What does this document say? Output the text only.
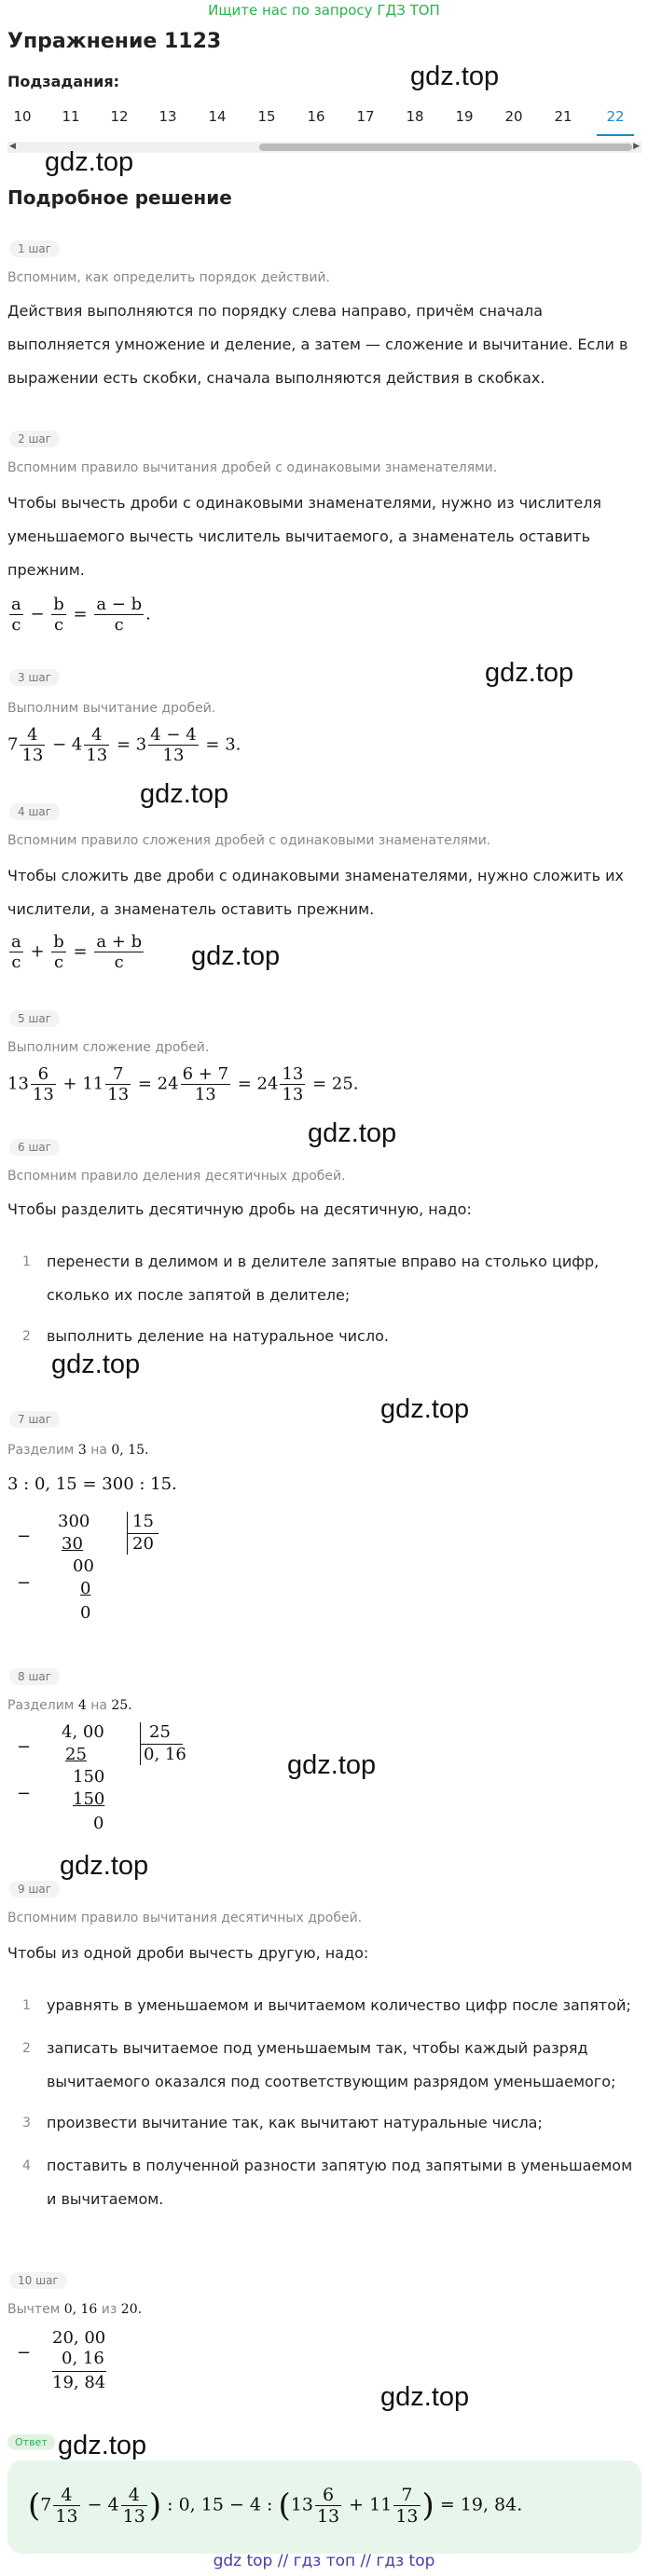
Ищите нас по запросу ГДЗ ТОП
Упражнение 1123
Подзадания:	gdz.top
10	11	12	13	14	15	16	17	18	19	20	21	22
◀	▶
gdz.top
Подробное решение
1 шаг
Вспомним, как определить порядок действий.
Действия выполняются по порядку слева направо, причём сначала
выполняется умножение и деление, а затем — сложение и вычитание. Если в
выражении есть скобки, сначала выполняются действия в скобках.
2 шаг
Вспомним правило вычитания дробей с одинаковыми знаменателями.
Чтобы вычесть дроби с одинаковыми знаменателями, нужно из числителя
уменьшаемого вычесть числитель вычитаемого, а знаменатель оставить
прежним.
$\frac{a}{c} - \frac{b}{c} = \frac{a - b}{c}$ .
gdz.top
3 шаг
Выполним вычитание дробей.
$7 \frac{4}{13} - 4 \frac{4}{13} = 3 \frac{4 - 4}{13} = 3$.
gdz.top
4 шаг
Вспомним правило сложения дробей с одинаковыми знаменателями.
Чтобы сложить две дроби с одинаковыми знаменателями, нужно сложить их
числители, а знаменатель оставить прежним.
$\frac{a}{c} + \frac{b}{c} = \frac{a + b}{c} gdz.top$
5 шаг
Выполним сложение дробей.
$13 \frac{6}{13} + 11 \frac{7}{13} = 24 \frac{6 + 7}{13} = 24 \frac{13}{13} = 25$.
gdz.top
6 шаг
Вспомним правило деления десятичных дробей.
Чтобы разделить десятичную дробь на десятичную, надо:
1 перенести в делимом и в делителе запятые вправо на столько цифр,
сколько их после запятой в делителе;
2 выполнить деление на натуральное число.
gdz.top
gdz.top
7 шаг
Разделим 3 на 0, 15.
3 : 0, 15 = 300 : 15.
−
300
30
00
−	0
0
15
20
8 шаг
Разделим 4 на 25.
−
4, 00
25
150
− 150
0
25
0, 16	gdz.top
gdz.top
9 шаг
Вспомним правило вычитания десятичных дробей.
Чтобы из одной дроби вычесть другую, надо:
1 уравнять в уменьшаемом и вычитаемом количество цифр после запятой;
2 записать вычитаемое под уменьшаемым так, чтобы каждый разряд
вычитаемого оказался под соответствующим разрядом уменьшаемого;
3 произвести вычитание так, как вычитают натуральные числа;
4 поставить в полученной разности запятую под запятыми в уменьшаемом
и вычитаемом.
10 шаг
Вычтем 0, 16 из 20.
−
20, 00
0, 16
19, 84	gdz.top
Ответ gdz.top
($7 \frac{4}{13} - 4 \frac{4}{13}$ ) : 0, 15 − 4 : ($13 \frac{6}{13} + 11 \frac{7}{13}$ ) = 19, 84.
gdz top // гдз топ // гдз top
